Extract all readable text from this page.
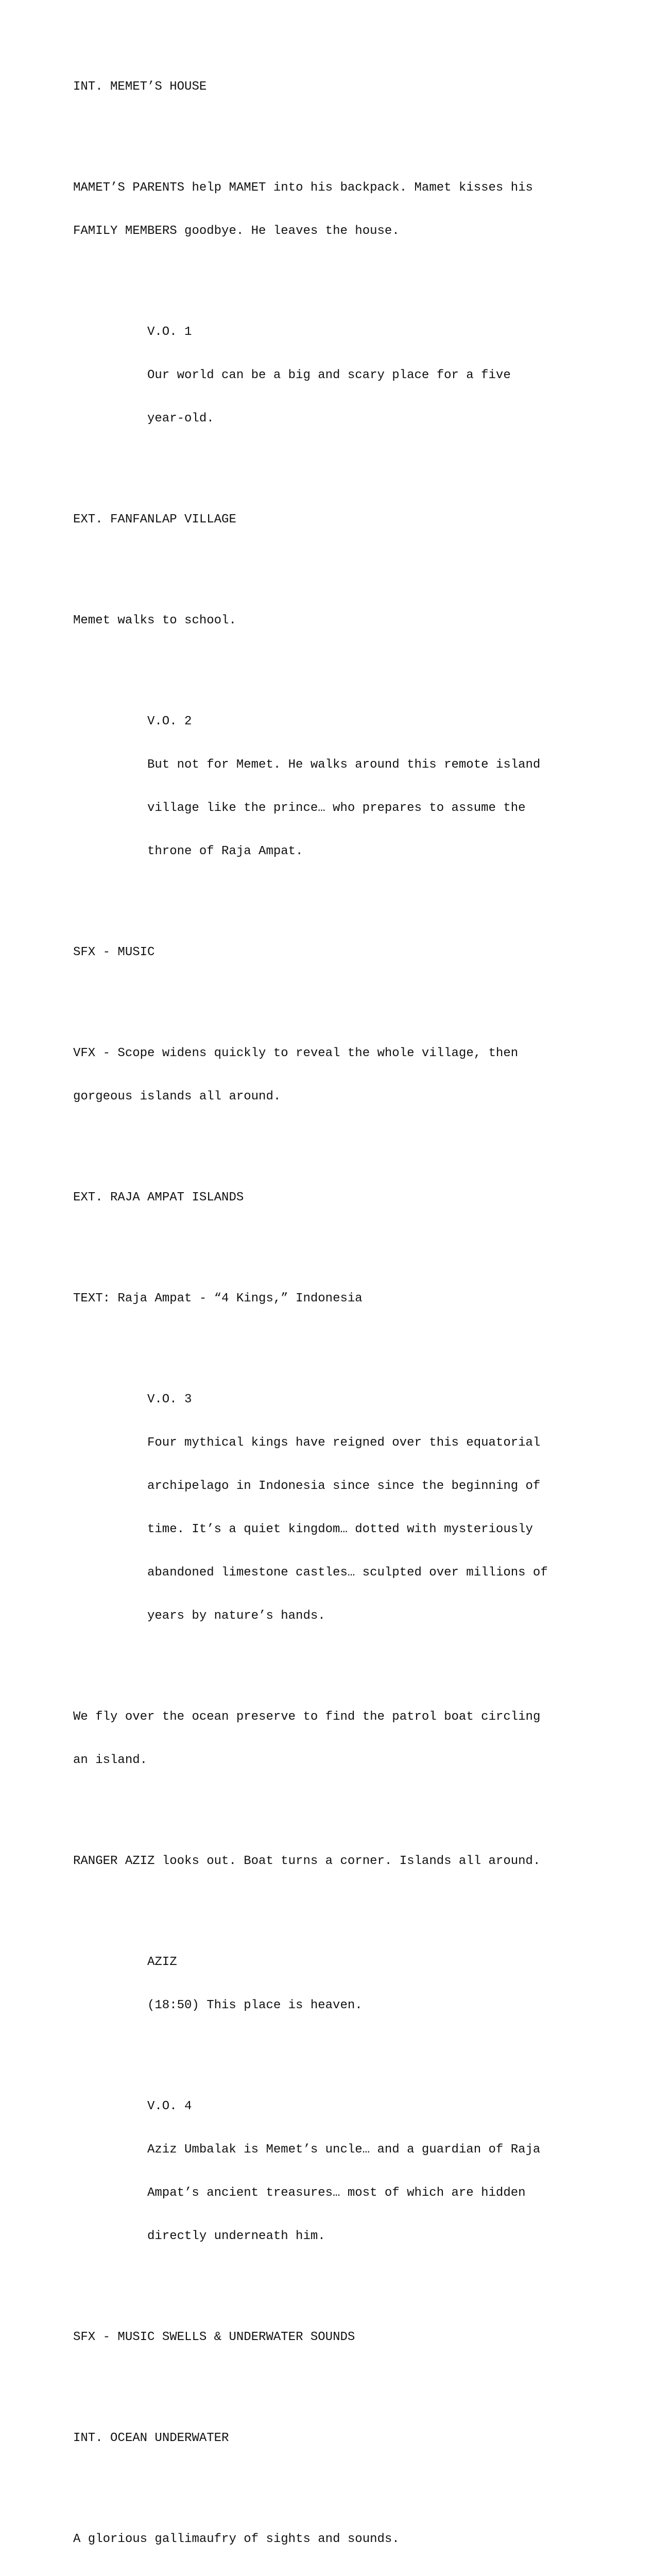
INT. MEMET’S HOUSE

MAMET’S PARENTS help MAMET into his backpack. Mamet kisses his

FAMILY MEMBERS goodbye. He leaves the house.

V.O. 1

Our world can be a big and scary place for a five

year-old.

EXT. FANFANLAP VILLAGE

Memet walks to school.

V.O. 2

But not for Memet. He walks around this remote island

village like the prince… who prepares to assume the

throne of Raja Ampat.

SFX - MUSIC

VFX - Scope widens quickly to reveal the whole village, then

gorgeous islands all around.

EXT. RAJA AMPAT ISLANDS

TEXT: Raja Ampat - “4 Kings,” Indonesia

V.O. 3

Four mythical kings have reigned over this equatorial

archipelago in Indonesia since since the beginning of

time. It’s a quiet kingdom… dotted with mysteriously

abandoned limestone castles… sculpted over millions of

years by nature’s hands.

We fly over the ocean preserve to find the patrol boat circling

an island.

RANGER AZIZ looks out. Boat turns a corner. Islands all around.

AZIZ

(18:50) This place is heaven.

V.O. 4

Aziz Umbalak is Memet’s uncle… and a guardian of Raja

Ampat’s ancient treasures… most of which are hidden

directly underneath him.

SFX - MUSIC SWELLS & UNDERWATER SOUNDS

INT. OCEAN UNDERWATER

A glorious gallimaufry of sights and sounds.
